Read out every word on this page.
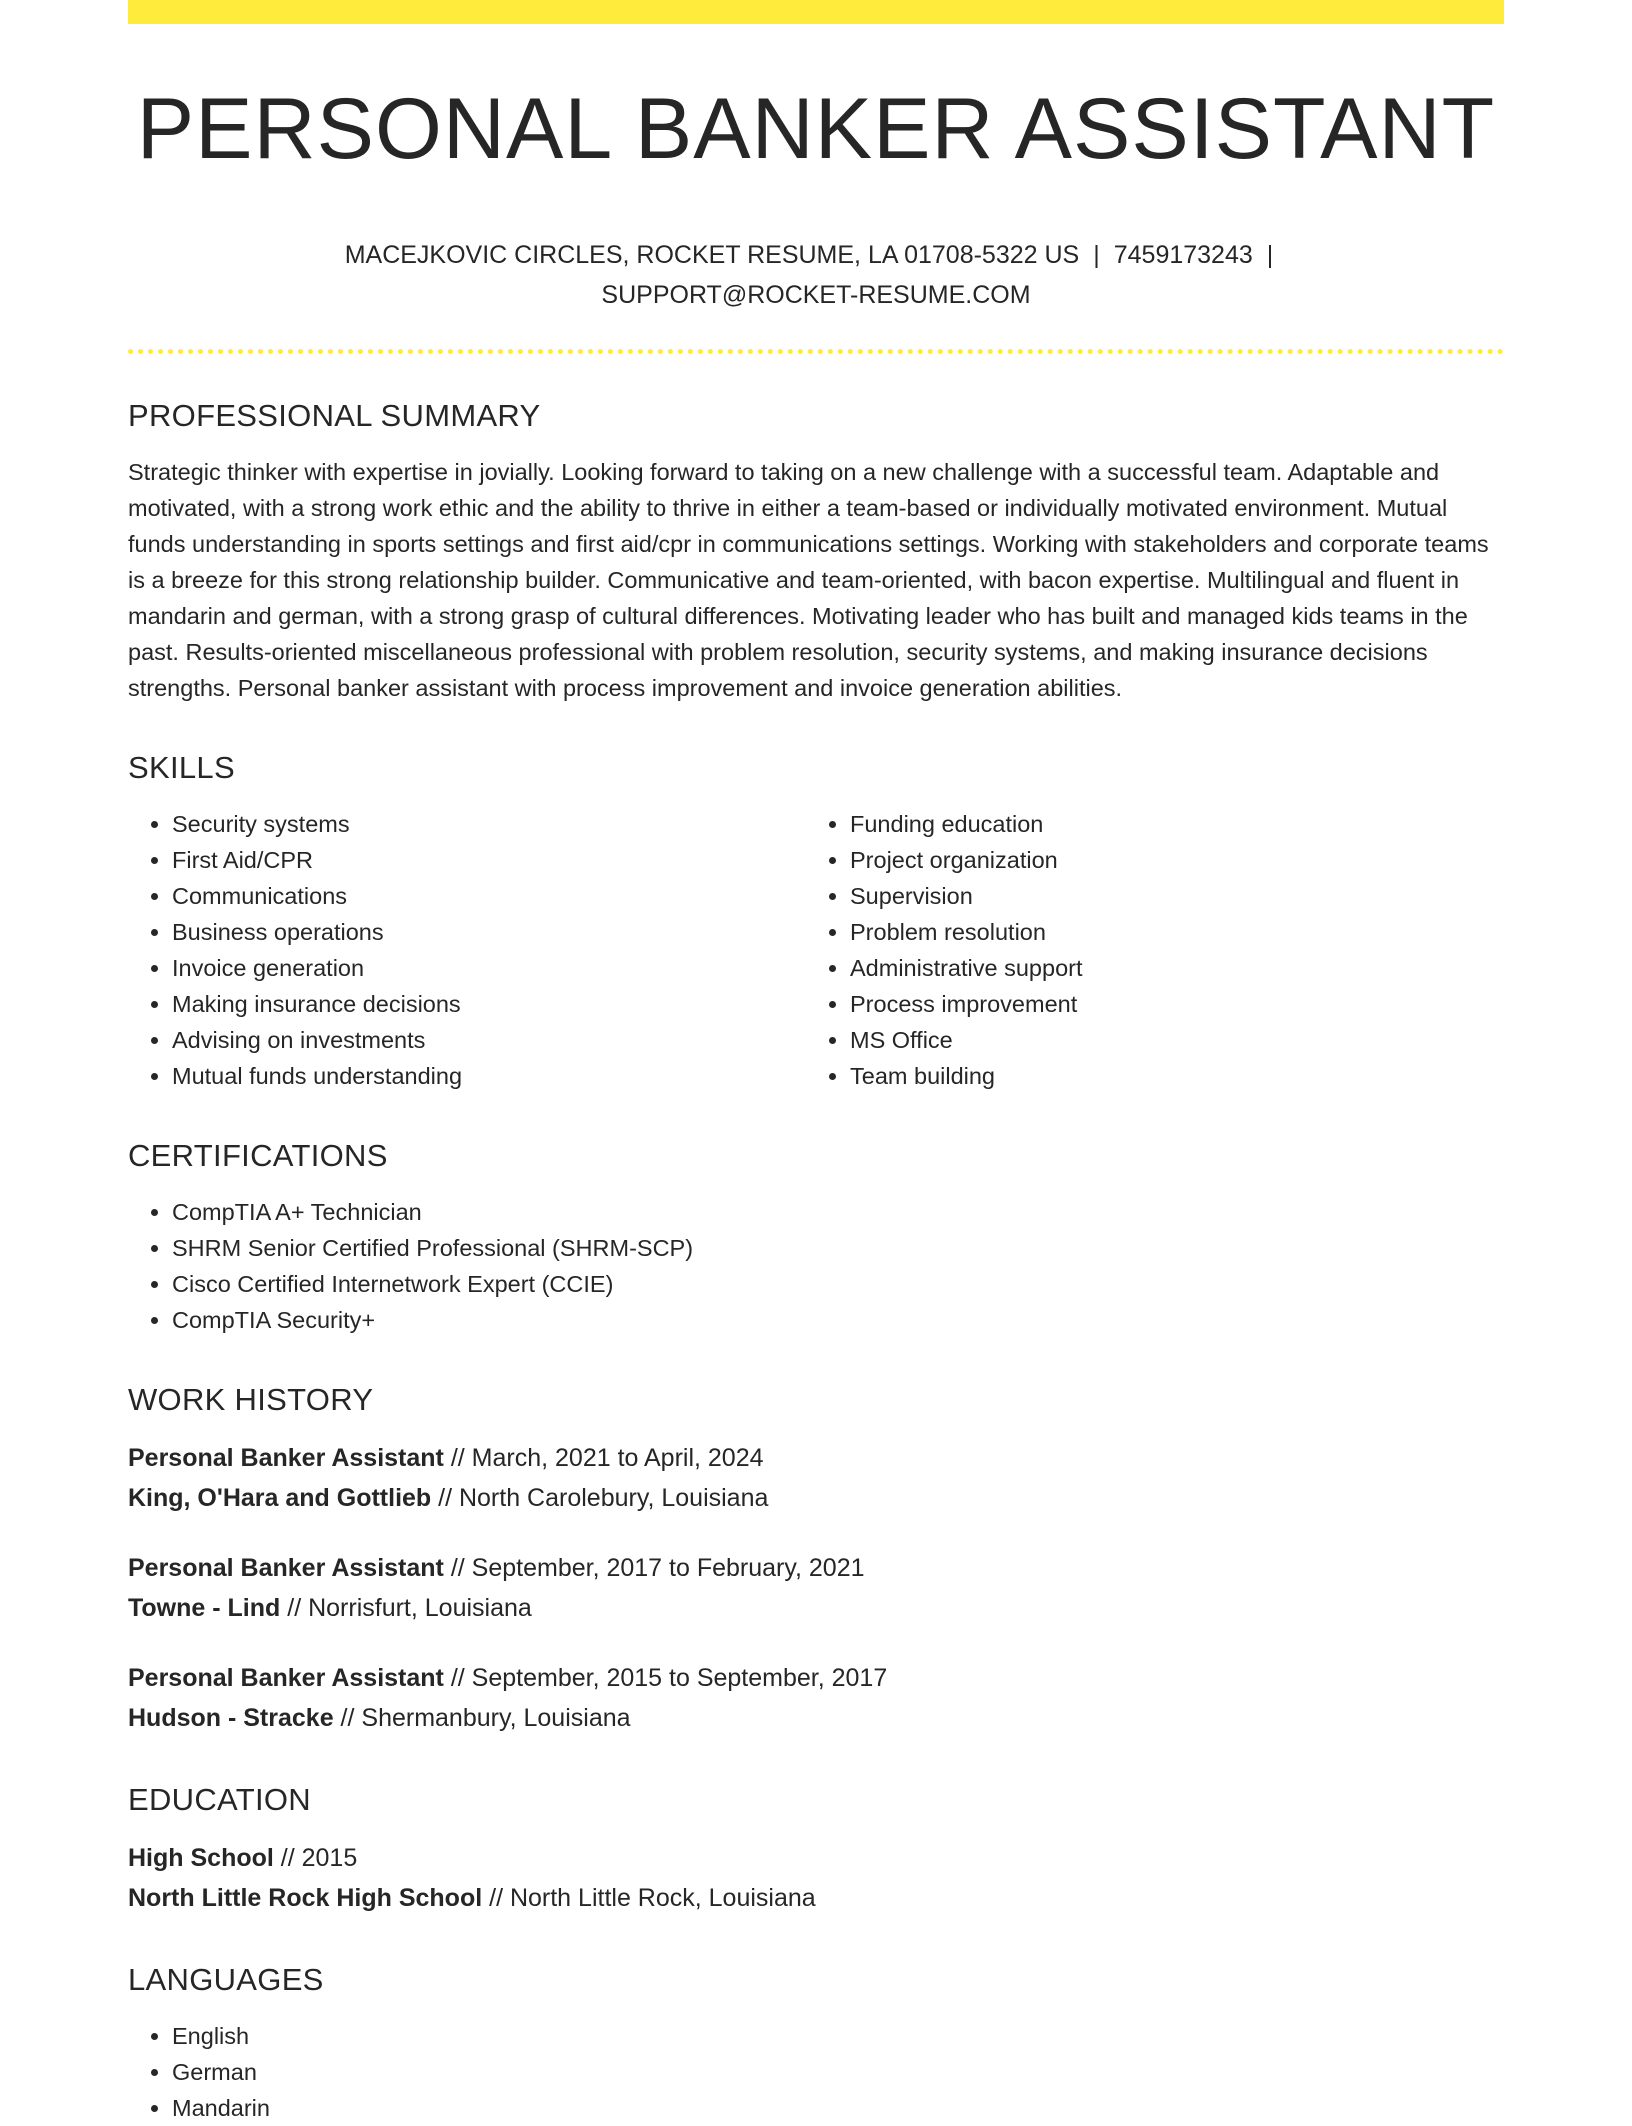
PERSONAL BANKER ASSISTANT
MACEJKOVIC CIRCLES, ROCKET RESUME, LA 01708-5322 US | 7459173243 |
SUPPORT@ROCKET-RESUME.COM
PROFESSIONAL SUMMARY

Strategic thinker with expertise in jovially. Looking forward to taking on a new challenge with a successful team. Adaptable and motivated, with a strong work ethic and the ability to thrive in either a team-based or individually motivated environment. Mutual funds understanding in sports settings and first aid/cpr in communications settings. Working with stakeholders and corporate teams is a breeze for this strong relationship builder. Communicative and team-oriented, with bacon expertise. Multilingual and fluent in mandarin and german, with a strong grasp of cultural differences. Motivating leader who has built and managed kids teams in the past. Results-oriented miscellaneous professional with problem resolution, security systems, and making insurance decisions strengths. Personal banker assistant with process improvement and invoice generation abilities.

SKILLS
• Security systems
• First Aid/CPR
• Communications
• Business operations
• Invoice generation
• Making insurance decisions
• Advising on investments
• Mutual funds understanding
• Funding education
• Project organization
• Supervision
• Problem resolution
• Administrative support
• Process improvement
• MS Office
• Team building
CERTIFICATIONS
• CompTIA A+ Technician
• SHRM Senior Certified Professional (SHRM-SCP)
• Cisco Certified Internetwork Expert (CCIE)
• CompTIA Security+
WORK HISTORY
Personal Banker Assistant // March, 2021 to April, 2024
King, O'Hara and Gottlieb // North Carolebury, Louisiana
Personal Banker Assistant // September, 2017 to February, 2021
Towne - Lind // Norrisfurt, Louisiana
Personal Banker Assistant // September, 2015 to September, 2017
Hudson - Stracke // Shermanbury, Louisiana
EDUCATION
High School // 2015
North Little Rock High School // North Little Rock, Louisiana
LANGUAGES
• English
• German
• Mandarin
